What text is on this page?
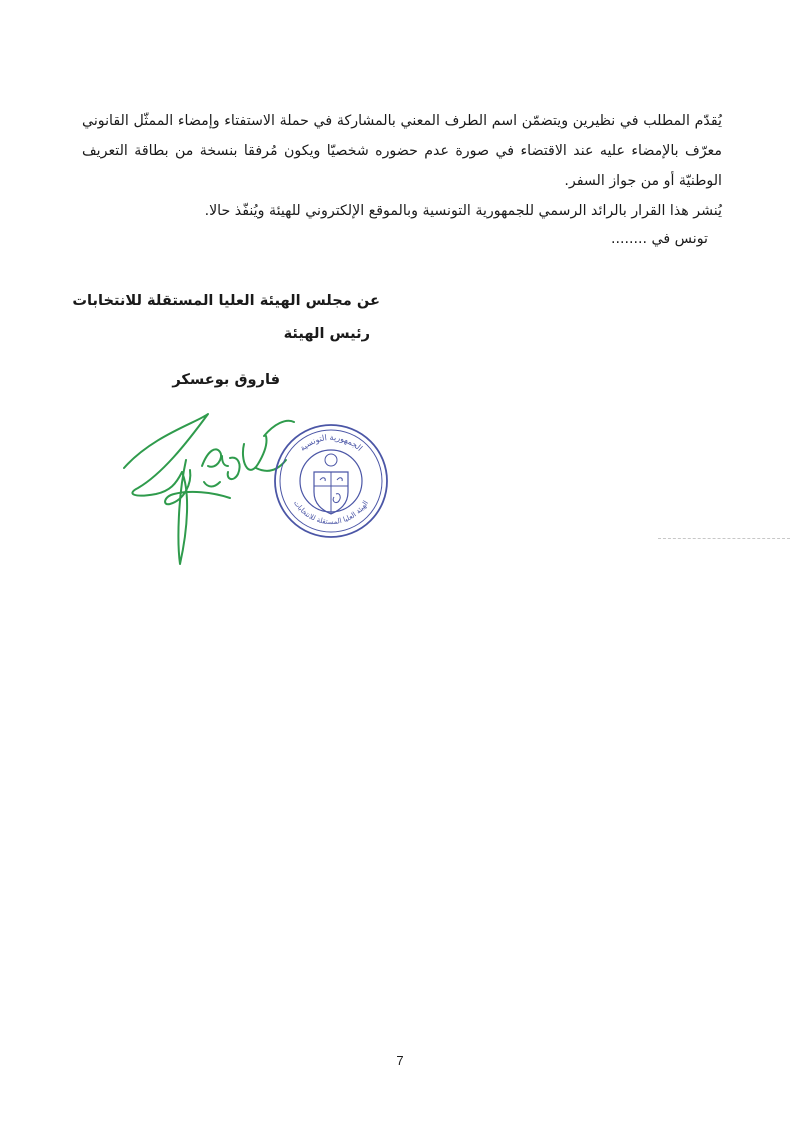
يُقدّم المطلب في نظيرين ويتضمّن اسم الطرف المعني بالمشاركة في حملة الاستفتاء وإمضاء الممثّل القانوني معرّف بالإمضاء عليه عند الاقتضاء في صورة عدم حضوره شخصيّا ويكون مُرفقا بنسخة من بطاقة التعريف الوطنيّة أو من جواز السفر.

يُنشر هذا القرار بالرائد الرسمي للجمهورية التونسية وبالموقع الإلكتروني للهيئة ويُنفّذ حالا.

تونس في ........
عن مجلس الهيئة العليا المستقلة للانتخابات
رئيس الهيئة
فاروق بوعسكر
الجمهورية التونسية
الهيئة العليا المستقلة للانتخابات
7
